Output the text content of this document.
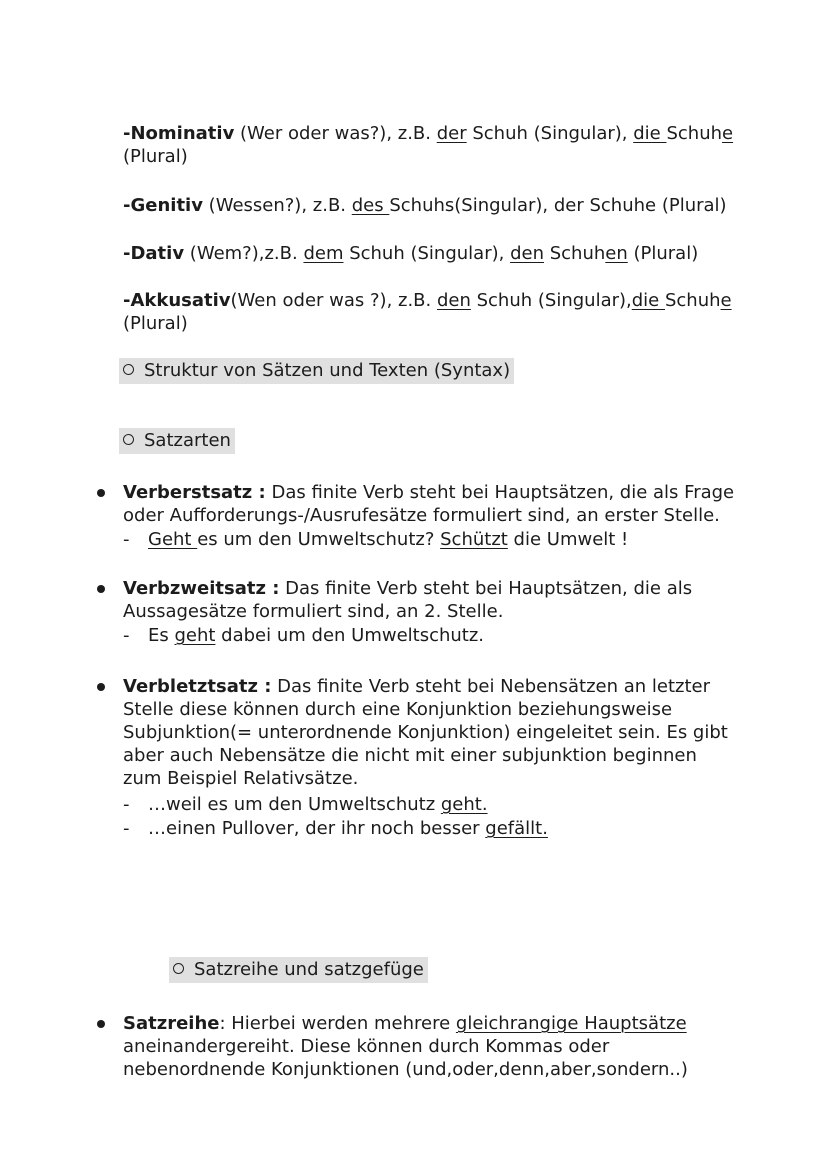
-Nominativ (Wer oder was?), z.B. der Schuh (Singular), die Schuhe
(Plural)
-Genitiv (Wessen?), z.B. des Schuhs(Singular), der Schuhe (Plural)
-Dativ (Wem?),z.B. dem Schuh (Singular), den Schuhen (Plural)
-Akkusativ(Wen oder was ?), z.B. den Schuh (Singular),die Schuhe
(Plural)
Struktur von Sätzen und Texten (Syntax)
Satzarten
Verberstsatz : Das finite Verb steht bei Hauptsätzen, die als Frage
oder Aufforderungs-/Ausrufesätze formuliert sind, an erster Stelle.
- Geht es um den Umweltschutz? Schützt die Umwelt !
Verbzweitsatz : Das finite Verb steht bei Hauptsätzen, die als
Aussagesätze formuliert sind, an 2. Stelle.
- Es geht dabei um den Umweltschutz.
Verbletztsatz : Das finite Verb steht bei Nebensätzen an letzter
Stelle diese können durch eine Konjunktion beziehungsweise
Subjunktion(= unterordnende Konjunktion) eingeleitet sein. Es gibt
aber auch Nebensätze die nicht mit einer subjunktion beginnen
zum Beispiel Relativsätze.
- …weil es um den Umweltschutz geht.
- …einen Pullover, der ihr noch besser gefällt.
Satzreihe und satzgefüge
Satzreihe: Hierbei werden mehrere gleichrangige Hauptsätze
aneinandergereiht. Diese können durch Kommas oder
nebenordnende Konjunktionen (und,oder,denn,aber,sondern..)
